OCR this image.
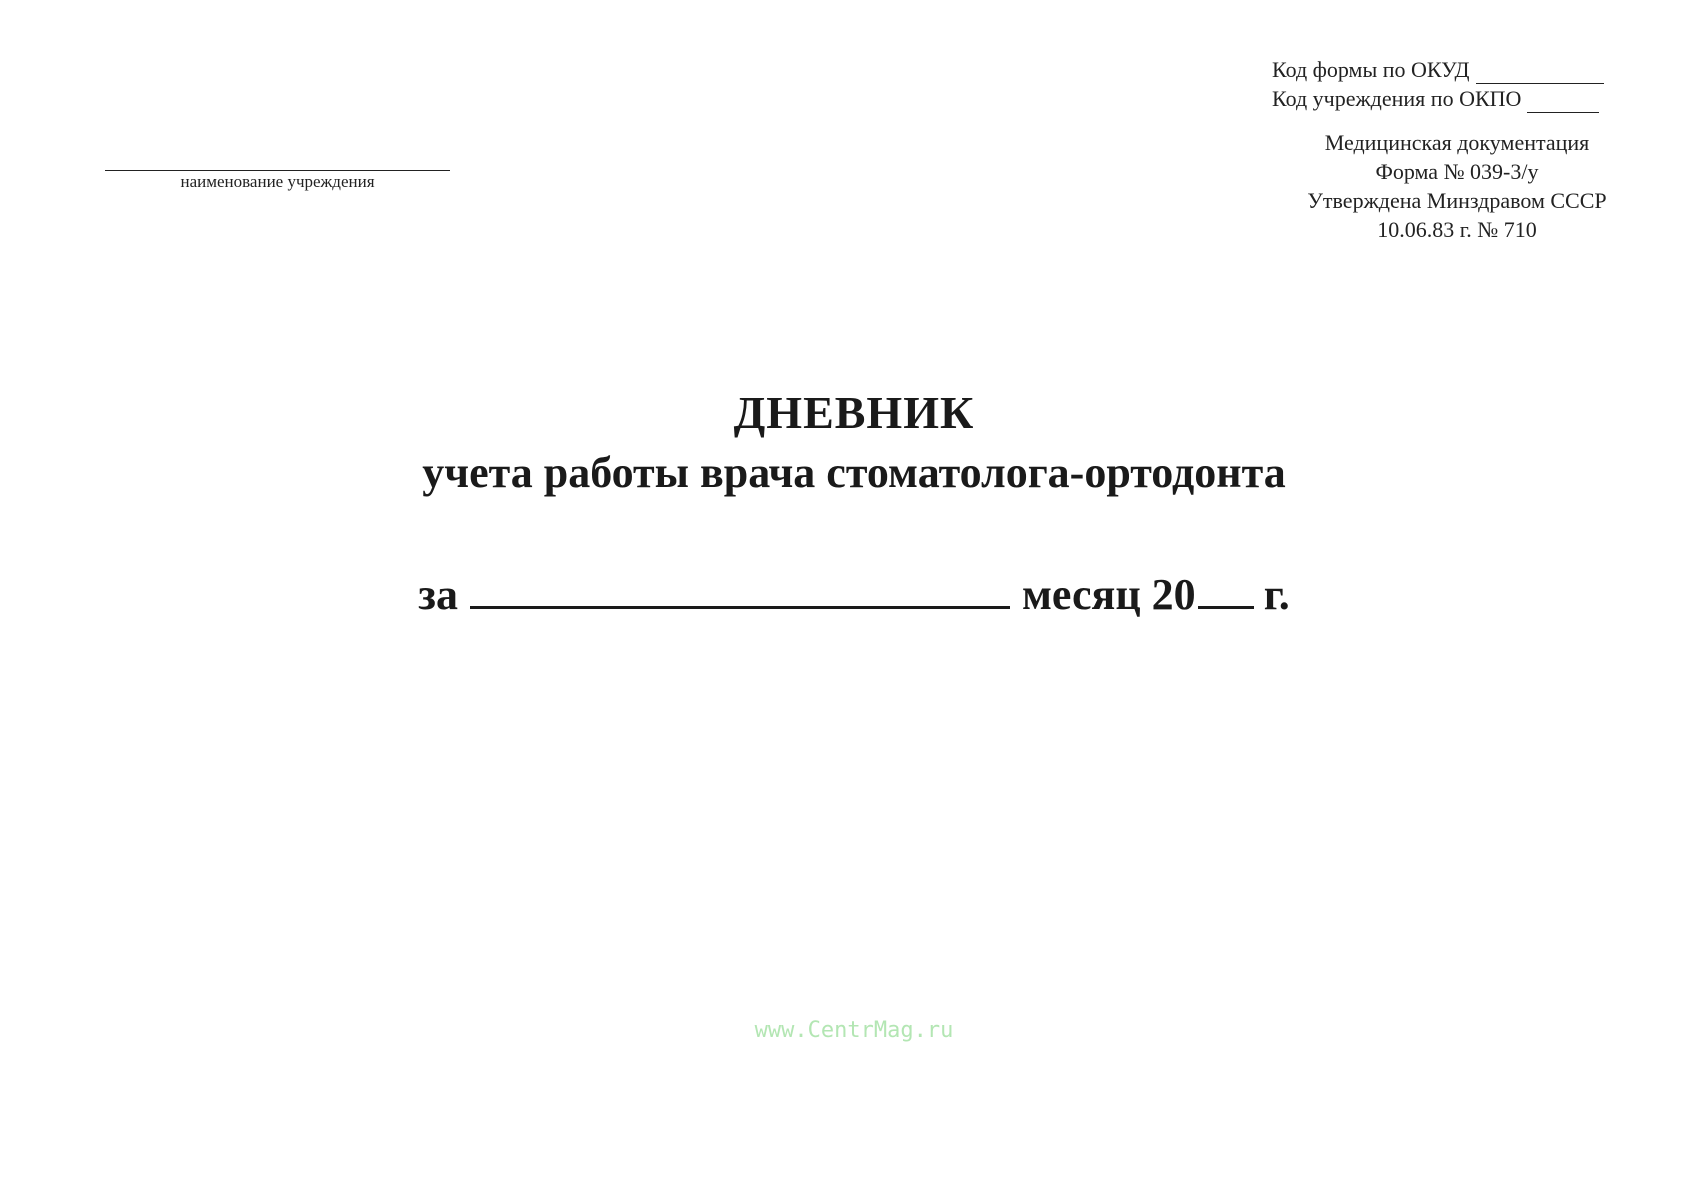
наименование учреждения
Код формы по ОКУД
Код учреждения по ОКПО
Медицинская документация
Форма № 039-3/у
Утверждена Минздравом СССР
10.06.83 г. № 710
ДНЕВНИК
учета работы врача стоматолога-ортодонта
за	месяц 20 г.
www.CentrMag.ru
